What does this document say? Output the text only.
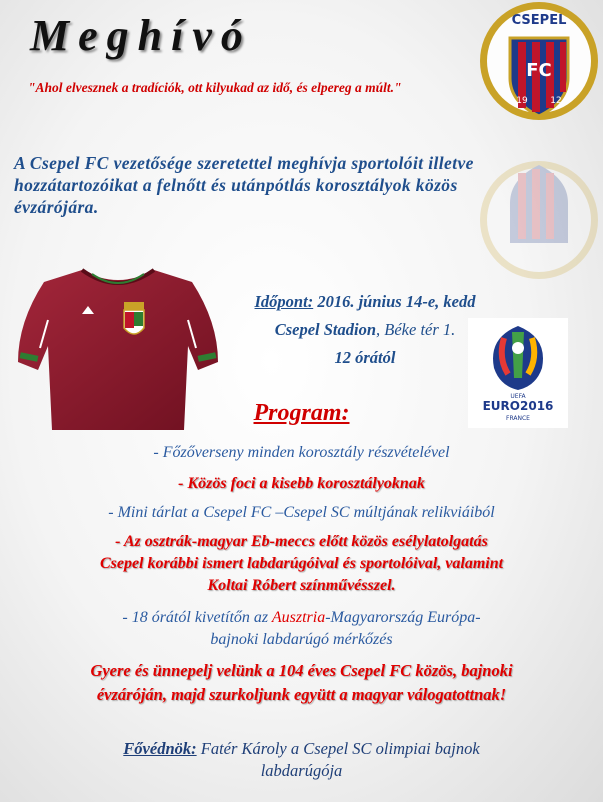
Meghívó	CSEPEL
FC
19	12
"Ahol elvesznek a tradíciók, ott kilyukad az idő, és elpereg a múlt."
A Csepel FC vezetősége szeretettel meghívja sportolóit illetve hozzátartozóikat a felnőtt és utánpótlás korosztályok közös évzárójára.
Időpont: 2016. június 14-e, kedd
Csepel Stadion, Béke tér 1.
12 órától
UEFA
EURO2016
FRANCE
Program:
- Főzőverseny minden korosztály részvételével
- Közös foci a kisebb korosztályoknak
- Mini tárlat a Csepel FC –Csepel SC múltjának relikviáiból
- Az osztrák-magyar Eb-meccs előtt közös esélylatolgatás
Csepel korábbi ismert labdarúgóival és sportolóival, valamint
Koltai Róbert színművésszel.
- 18 órától kivetítőn az Ausztria-Magyarország Európa-
bajnoki labdarúgó mérkőzés
Gyere és ünnepelj velünk a 104 éves Csepel FC közös, bajnoki
évzáróján, majd szurkoljunk együtt a magyar válogatottnak!
Fővédnök: Fatér Károly a Csepel SC olimpiai bajnok
labdarúgója
